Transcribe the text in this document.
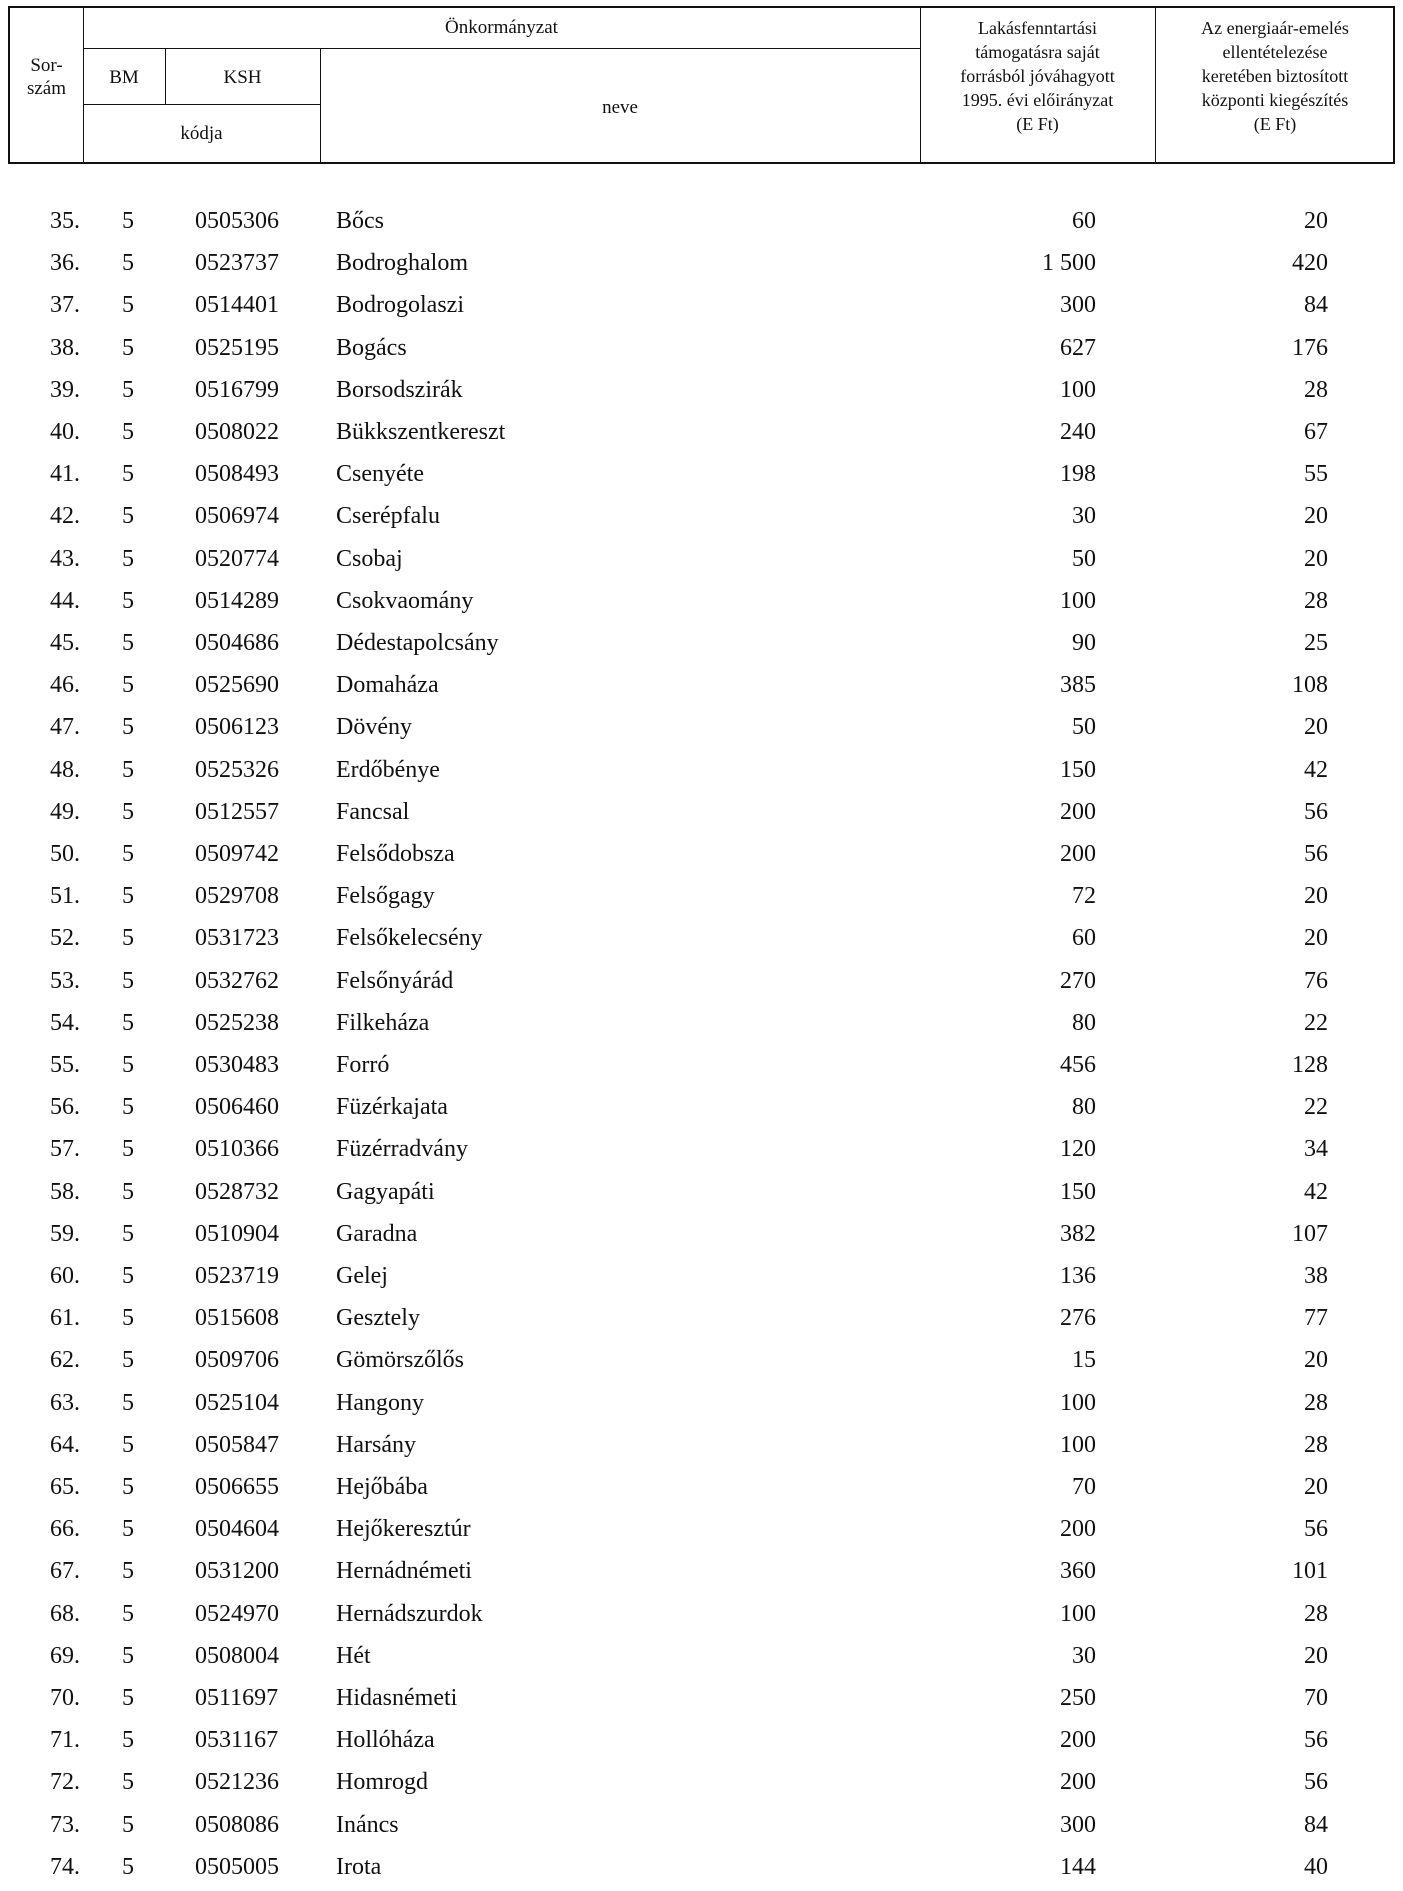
Önkormányzat
Sor-
szám
BM	KSH
kódja
neve
Lakásfenntartási
támogatásra saját
forrásból jóváhagyott
1995. évi előirányzat
(E Ft)
Az energiaár-emelés
ellentételezése
keretében biztosított
központi kiegészítés
(E Ft)
35. 5	0505306	Bőcs	60	20
36. 5	0523737	Bodroghalom	1 500	420
37. 5	0514401	Bodrogolaszi	300	84
38. 5	0525195	Bogács	627	176
39. 5	0516799	Borsodszirák	100	28
40. 5	0508022	Bükkszentkereszt	240	67
41. 5	0508493	Csenyéte	198	55
42. 5	0506974	Cserépfalu	30	20
43. 5	0520774	Csobaj	50	20
44. 5	0514289	Csokvaomány	100	28
45. 5	0504686	Dédestapolcsány	90	25
46. 5	0525690	Domaháza	385	108
47. 5	0506123	Dövény	50	20
48. 5	0525326	Erdőbénye	150	42
49. 5	0512557	Fancsal	200	56
50. 5	0509742	Felsődobsza	200	56
51. 5	0529708	Felsőgagy	72	20
52. 5	0531723	Felsőkelecsény	60	20
53. 5	0532762	Felsőnyárád	270	76
54. 5	0525238	Filkeháza	80	22
55. 5	0530483	Forró	456	128
56. 5	0506460	Füzérkajata	80	22
57. 5	0510366	Füzérradvány	120	34
58. 5	0528732	Gagyapáti	150	42
59. 5	0510904	Garadna	382	107
60. 5	0523719	Gelej	136	38
61. 5	0515608	Gesztely	276	77
62. 5	0509706	Gömörszőlős	15	20
63. 5	0525104	Hangony	100	28
64. 5	0505847	Harsány	100	28
65. 5	0506655	Hejőbába	70	20
66. 5	0504604	Hejőkeresztúr	200	56
67. 5	0531200	Hernádnémeti	360	101
68. 5	0524970	Hernádszurdok	100	28
69. 5	0508004	Hét	30	20
70. 5	0511697	Hidasnémeti	250	70
71. 5	0531167	Hollóháza	200	56
72. 5	0521236	Homrogd	200	56
73. 5	0508086	Ináncs	300	84
74. 5	0505005	Irota	144	40
